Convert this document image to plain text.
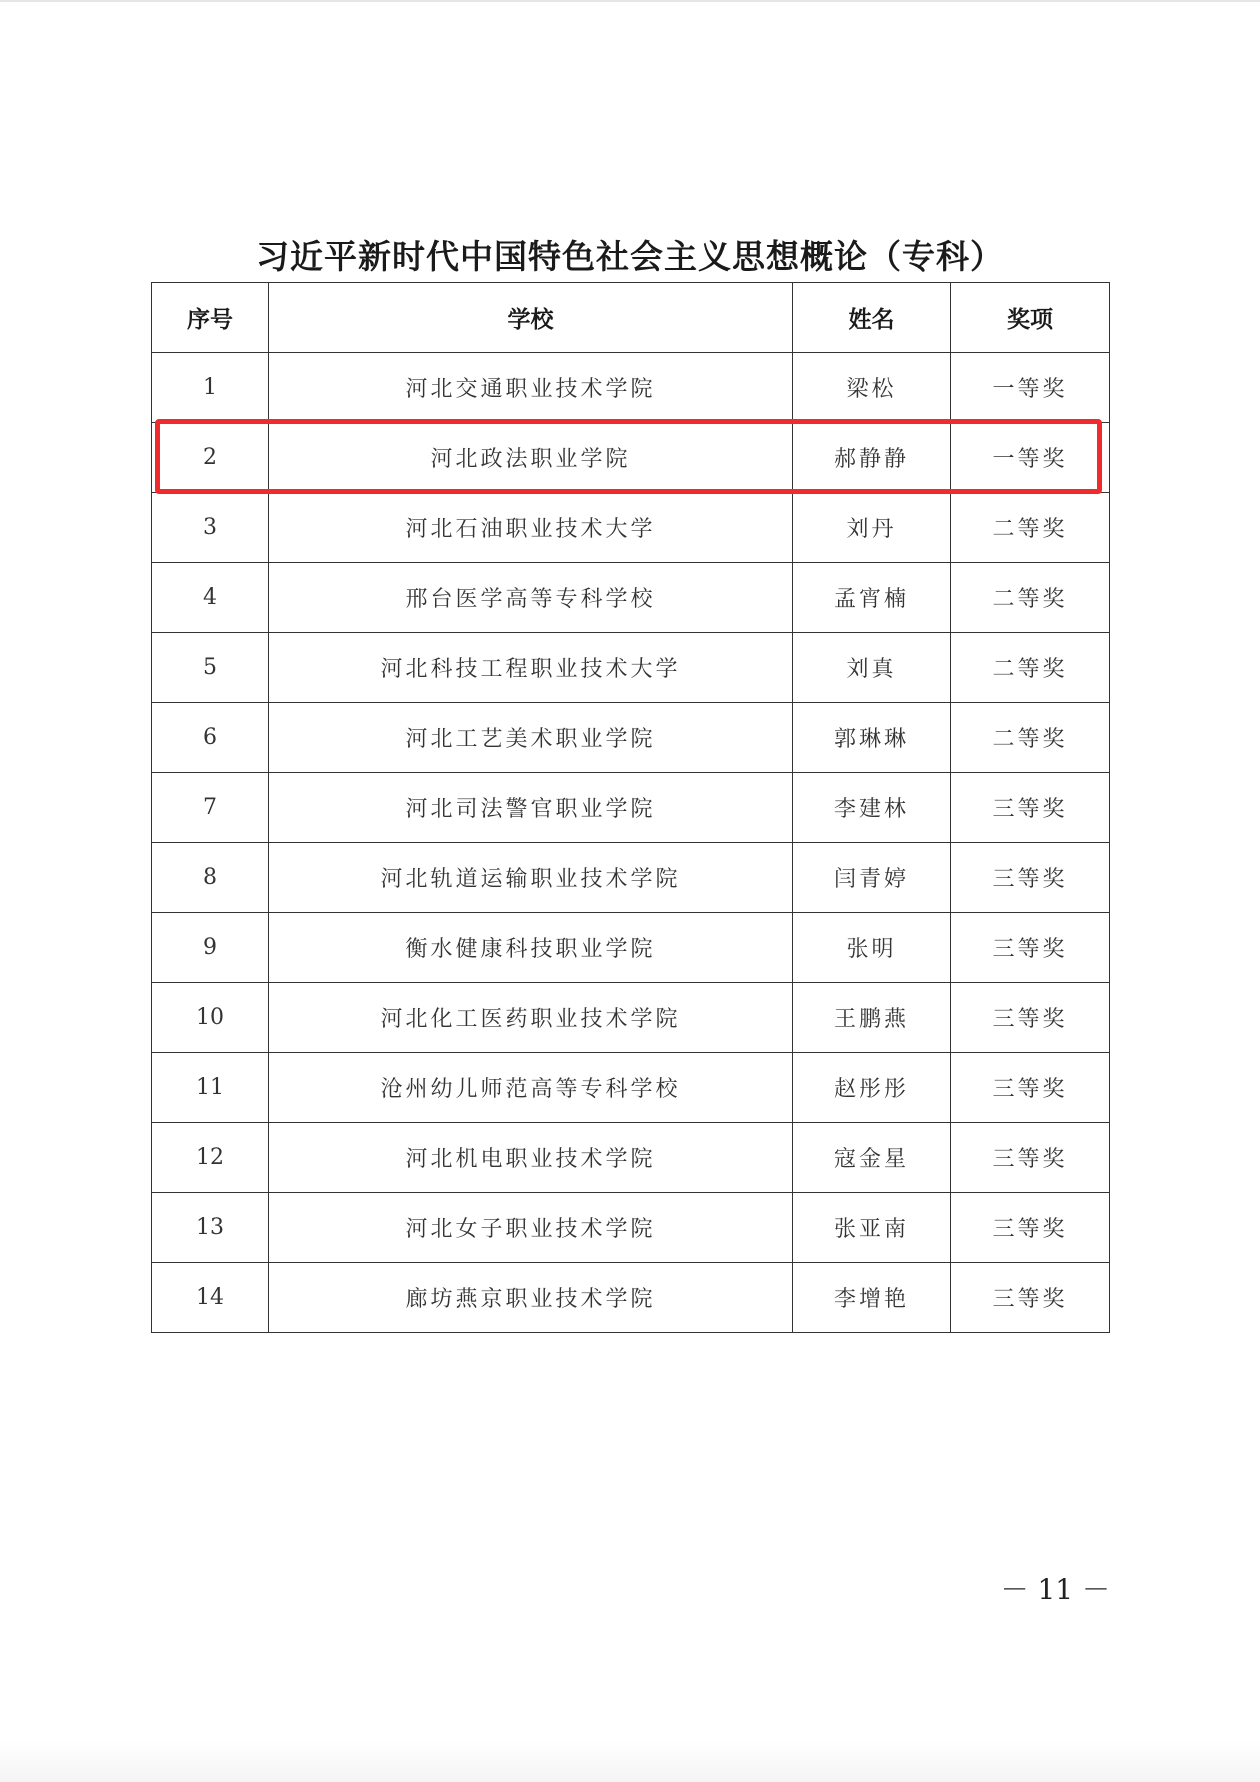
习近平新时代中国特色社会主义思想概论（专科）
序号	学校	姓名	奖项
1	河北交通职业技术学院	梁松	一等奖
2	河北政法职业学院	郝静静	一等奖
3	河北石油职业技术大学	刘丹	二等奖
4	邢台医学高等专科学校	孟宵楠	二等奖
5	河北科技工程职业技术大学	刘真	二等奖
6	河北工艺美术职业学院	郭琳琳	二等奖
7	河北司法警官职业学院	李建林	三等奖
8	河北轨道运输职业技术学院	闫青婷	三等奖
9	衡水健康科技职业学院	张明	三等奖
10	河北化工医药职业技术学院	王鹏燕	三等奖
11	沧州幼儿师范高等专科学校	赵彤彤	三等奖
12	河北机电职业技术学院	寇金星	三等奖
13	河北女子职业技术学院	张亚南	三等奖
14	廊坊燕京职业技术学院	李增艳	三等奖
－ 11 －
